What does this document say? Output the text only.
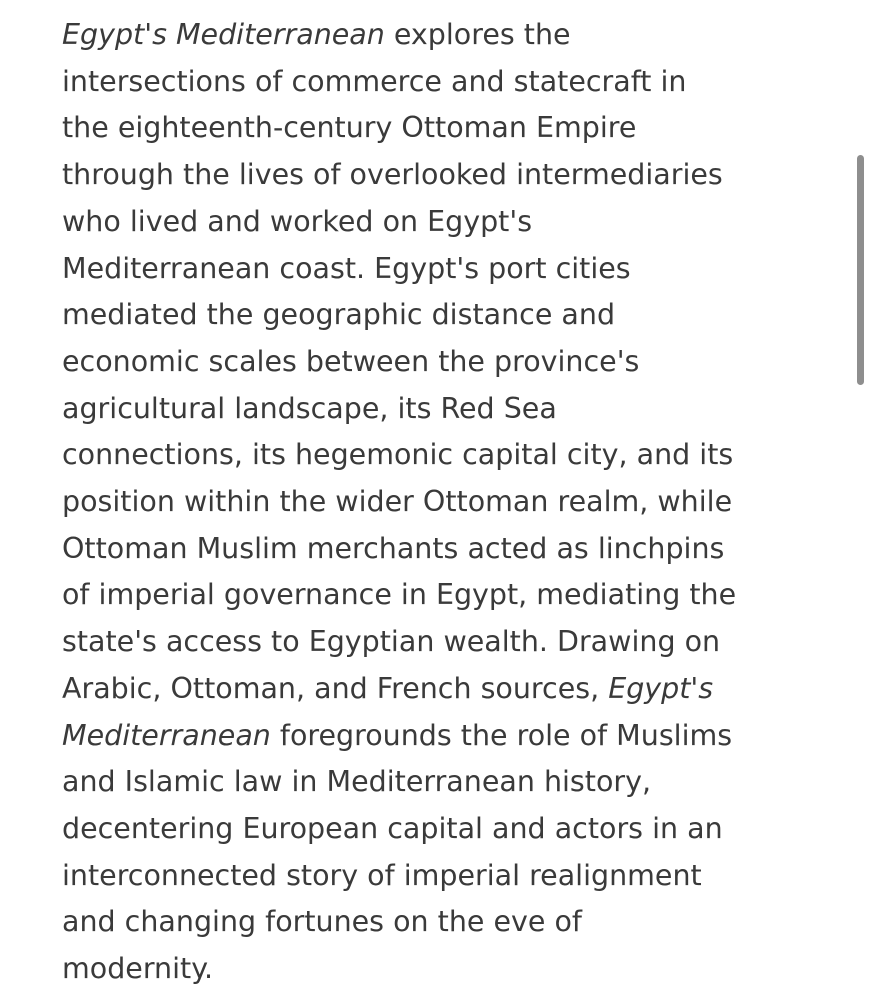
Egypt's Mediterranean explores the
intersections of commerce and statecraft in
the eighteenth-century Ottoman Empire
through the lives of overlooked intermediaries
who lived and worked on Egypt's
Mediterranean coast. Egypt's port cities
mediated the geographic distance and
economic scales between the province's
agricultural landscape, its Red Sea
connections, its hegemonic capital city, and its
position within the wider Ottoman realm, while
Ottoman Muslim merchants acted as linchpins
of imperial governance in Egypt, mediating the
state's access to Egyptian wealth. Drawing on
Arabic, Ottoman, and French sources, Egypt's
Mediterranean foregrounds the role of Muslims
and Islamic law in Mediterranean history,
decentering European capital and actors in an
interconnected story of imperial realignment
and changing fortunes on the eve of
modernity.
